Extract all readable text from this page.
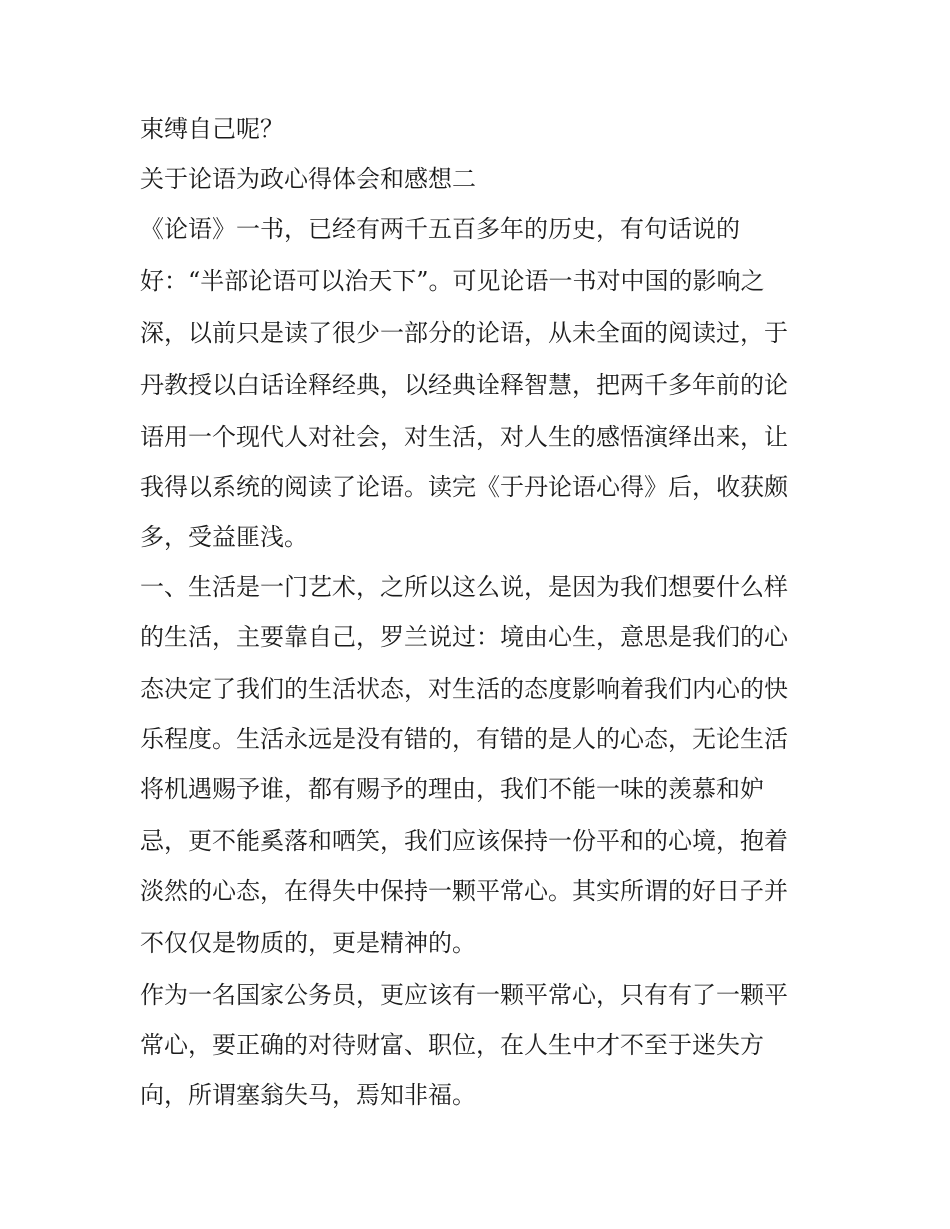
束缚自己呢？
关于论语为政心得体会和感想二
《论语》一书，已经有两千五百多年的历史，有句话说的
好：“半部论语可以治天下”。可见论语一书对中国的影响之
深，以前只是读了很少一部分的论语，从未全面的阅读过，于
丹教授以白话诠释经典，以经典诠释智慧，把两千多年前的论
语用一个现代人对社会，对生活，对人生的感悟演绎出来，让
我得以系统的阅读了论语。读完《于丹论语心得》后，收获颇
多，受益匪浅。
一、生活是一门艺术，之所以这么说，是因为我们想要什么样
的生活，主要靠自己，罗兰说过：境由心生，意思是我们的心
态决定了我们的生活状态，对生活的态度影响着我们内心的快
乐程度。生活永远是没有错的，有错的是人的心态，无论生活
将机遇赐予谁，都有赐予的理由，我们不能一味的羡慕和妒
忌，更不能奚落和哂笑，我们应该保持一份平和的心境，抱着
淡然的心态，在得失中保持一颗平常心。其实所谓的好日子并
不仅仅是物质的，更是精神的。
作为一名国家公务员，更应该有一颗平常心，只有有了一颗平
常心，要正确的对待财富、职位，在人生中才不至于迷失方
向，所谓塞翁失马，焉知非福。
